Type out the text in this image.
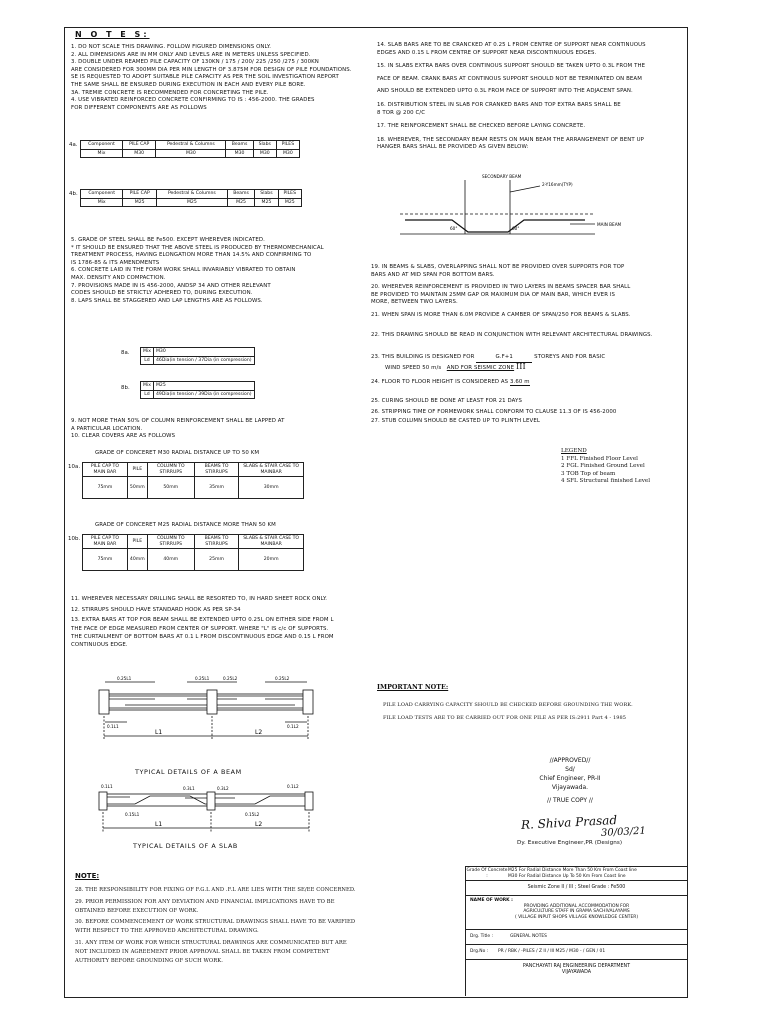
N O T E S:
1. DO NOT SCALE THIS DRAWING. FOLLOW FIGURED DIMENSIONS ONLY.
2. ALL DIMENSIONS ARE IN MM ONLY AND LEVELS ARE IN METERS UNLESS SPECIFIED.
3. DOUBLE UNDER REAMED PILE CAPACITY OF 130KN / 175 / 200/ 225 /250 /275 / 300KN
ARE CONSIDERED FOR 300MM DIA PER MIN LENGTH OF 3.875M FOR DESIGN OF PILE FOUNDATIONS.
SE IS REQUESTED TO ADOPT SUITABLE PILE CAPACITY AS PER THE SOIL INVESTIGATION REPORT
THE SAME SHALL BE ENSURED DURING EXECUTION IN EACH AND EVERY PILE BORE.
3A. TREMIE CONCRETE IS RECOMMENDED FOR CONCRETING THE PILE.
4. USE VIBRATED REINFORCED CONCRETE CONFIRMING TO IS : 456-2000. THE GRADES
FOR DIFFERENT COMPONENTS ARE AS FOLLOWS
4a. Component	PILE CAP	Pedestral & Columns	Beams	Slabs	PILES
Mix	M30	M30	M30	M30	M30
4b. Component	PILE CAP	Pedestral & Columns	Beams	Slabs	PILES
Mix	M25	M25	M25	M25	M25
5. GRADE OF STEEL SHALL BE Fe500. EXCEPT WHEREVER INDICATED.
* IT SHOULD BE ENSURED THAT THE ABOVE STEEL IS PRODUCED BY THERMOMECHANICAL
TREATMENT PROCESS, HAVING ELONGATION MORE THAN 14.5% AND CONFIRMING TO
IS 1786-85 & ITS AMENDMENTS
6. CONCRETE LAID IN THE FORM WORK SHALL INVARIABLY VIBRATED TO OBTAIN
MAX. DENSITY AND COMPACTION.
7. PROVISIONS MADE IN IS 456-2000, ANDSP 34 AND OTHER RELEVANT
CODES SHOULD BE STRICTLY ADHERED TO, DURING EXECUTION.
8. LAPS SHALL BE STAGGERED AND LAP LENGTHS ARE AS FOLLOWS.
8a.	Mix	M30
Ld	46Dia(in tension / 37Dia (in compression)
8b.	Mix	M25
Ld	49Dia(in tension / 39Dia (in compression)
9. NOT MORE THAN 50% OF COLUMN REINFORCEMENT SHALL BE LAPPED AT
A PARTICULAR LOCATION.
10. CLEAR COVERS ARE AS FOLLOWS
GRADE OF CONCERET M30 RADIAL DISTANCE UP TO 50 KM
10a. PILE CAP TO MAIN BAR	PILE	COLUMN TO STIRRUPS	BEAMS TO STIRRUPS	SLABS & STAIR CASE TO MAINBAR
75mm	50mm	50mm	35mm	30mm
GRADE OF CONCERET M25 RADIAL DISTANCE MORE THAN 50 KM
10b. PILE CAP TO MAIN BAR	PILE	COLUMN TO STIRRUPS	BEAMS TO STIRRUPS	SLABS & STAIR CASE TO MAINBAR
75mm	40mm	40mm	25mm	20mm
11. WHEREVER NECESSARY DRILLING SHALL BE RESORTED TO, IN HARD SHEET ROCK ONLY.
12. STIRRUPS SHOULD HAVE STANDARD HOOK AS PER SP-34
13. EXTRA BARS AT TOP FOR BEAM SHALL BE EXTENDED UPTO 0.25L ON EITHER SIDE FROM L
THE FACE OF EDGE MEASURED FROM CENTER OF SUPPORT. WHERE "L" IS c/c OF SUPPORTS.
THE CURTAILMENT OF BOTTOM BARS AT 0.1 L FROM DISCONTINUOUS EDGE AND 0.15 L FROM
CONTINUOUS EDGE.
0.25L1	0.25L1	0.25L2	0.25L2
0.1L1	0.1L2
L1	L2
TYPICAL DETAILS OF A BEAM
0.1L1	0.3L1	0.3L2
0.15L1	0.15L2
0.1L2
L1	L2
TYPICAL DETAILS OF A SLAB
NOTE:
28. THE RESPONSIBILITY FOR FIXING OF F.G.L AND .F.L ARE LIES WITH THE SE/EE CONCERNED.
29. PRIOR PERMISSION FOR ANY DEVIATION AND FINANCIAL IMPLICATIONS HAVE TO BE
OBTAINED BEFORE EXECUTION OF WORK.
30. BEFORE COMMENCEMENT OF WORK STRUCTURAL DRAWINGS SHALL HAVE TO BE VARIFIED
WITH RESPECT TO THE APPROVED ARCHITECTURAL DRAWING.
31. ANY ITEM OF WORK FOR WHICH STRUCTURAL DRAWINGS ARE COMMUNICATED BUT ARE
NOT INCLUDED IN AGREEMENT PRIOR APPROVAL SHALL BE TAKEN FROM COMPETENT
AUTHORITY BEFORE GROUNDING OF SUCH WORK.
14. SLAB BARS ARE TO BE CRANCKED AT 0.25 L FROM CENTRE OF SUPPORT NEAR CONTINUOUS
EDGES AND 0.15 L FROM CENTRE OF SUPPORT NEAR DISCONTINUOUS EDGES.
15. IN SLABS EXTRA BARS OVER CONTINOUS SUPPORT SHOULD BE TAKEN UPTO 0.3L FROM THE
FACE OF BEAM. CRANK BARS AT CONTINOUS SUPPORT SHOULD NOT BE TERMINATED ON BEAM
AND SHOULD BE EXTENDED UPTO 0.3L FROM FACE OF SUPPORT INTO THE ADJACENT SPAN.
16. DISTRIBUTION STEEL IN SLAB FOR CRANKED BARS AND TOP EXTRA BARS SHALL BE
8 TOR @ 200 C/C
17. THE REINFORCEMENT SHALL BE CHECKED BEFORE LAYING CONCRETE.
18. WHEREVER, THE SECONDARY BEAM RESTS ON MAIN BEAM THE ARRANGEMENT OF BENT UP
HANGER BARS SHALL BE PROVIDED AS GIVEN BELOW:
SECONDARY BEAM
2-Y16mm(TYP)
MAIN BEAM
60°	60°
19. IN BEAMS & SLABS, OVERLAPPING SHALL NOT BE PROVIDED OVER SUPPORTS FOR TOP
BARS AND AT MID SPAN FOR BOTTOM BARS.
20. WHEREVER REINFORCEMENT IS PROVIDED IN TWO LAYERS IN BEAMS SPACER BAR SHALL
BE PROVIDED TO MAINTAIN 25MM GAP OR MAXIMUM DIA OF MAIN BAR, WHICH EVER IS
MORE, BETWEEN TWO LAYERS.
21. WHEN SPAN IS MORE THAN 6.0M PROVIDE A CAMBER OF SPAN/250 FOR BEAMS & SLABS.
22. THIS DRAWING SHOULD BE READ IN CONJUNCTION WITH RELEVANT ARCHITECTURAL DRAWINGS.
23. THIS BUILDING IS DESIGNED FOR	G.F+1	STOREYS AND FOR BASIC
WIND SPEED 50 m/s AND FOR SEISMIC ZONE III
24. FLOOR TO FLOOR HEIGHT IS CONSIDERED AS 3.60 m
25. CURING SHOULD BE DONE AT LEAST FOR 21 DAYS
26. STRIPPING TIME OF FORMEWORK SHALL CONFORM TO CLAUSE 11.3 OF IS 456-2000
27. STUB COLUMN SHOULD BE CASTED UP TO PLINTH LEVEL
LEGEND
1 FFL Finished Floor Level
2 FGL Finished Ground Level
3 TOB Top of beam
4 SFL Structural finished Level
IMPORTANT NOTE:
PILE LOAD CARRYING CAPACITY SHOULD BE CHECKED BEFORE GROUNDING THE WORK.
FILE LOAD TESTS ARE TO BE CARRIED OUT FOR ONE PILE AS PER IS:2911 Part 4 - 1985
//APPROVED//
Sd/
Chief Engineer, PR-II
Vijayawada.
// TRUE COPY //
R. Shiva Prasad
30/03/21
Dy. Executive Engineer,PR (Designs)
Grade Of Concrete :
M25 For Radial Distance More Than 50 Km From Coast line
M30 For Radial Distance Up To 50 Km From Coast line
Seismic Zone II / III ; Steel Grade : Fe500
NAME OF WORK :
PROVIDING ADDITIONAL ACCOMMODATION FOR
AGRICULTURE STAFF IN GRAMA SACHIVALAYAMS
( VILLAGE INPUT SHOPS VILLAGE KNOWLEDGE CENTER)
Drg. Title :	GENERAL NOTES
Drg.No :	PR / RBK / -PILES / Z II / III M25 / M30 - / GEN / 01
PANCHAYATI RAJ ENGINEERING DEPARTMENT
VIJAYAWADA
